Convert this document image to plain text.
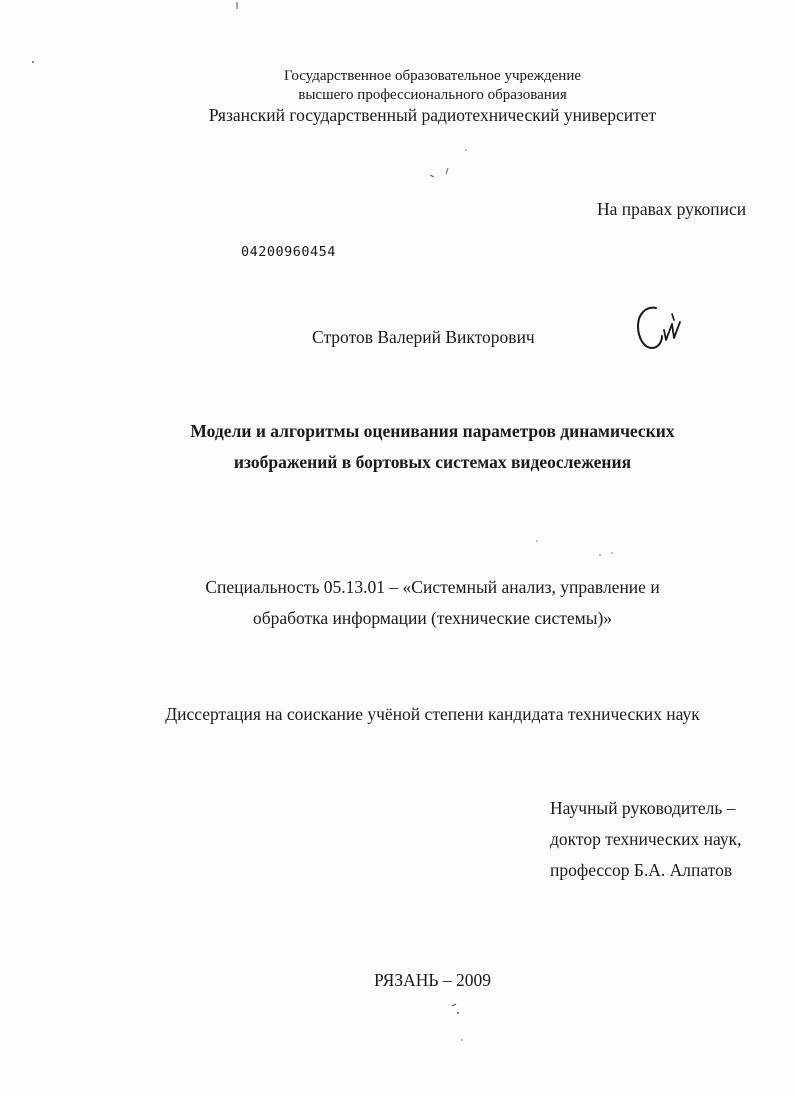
Государственное образовательное учреждение
высшего профессионального образования
Рязанский государственный радиотехнический университет
На правах рукописи
04200960454
Стротов Валерий Викторович
Модели и алгоритмы оценивания параметров динамических
изображений в бортовых системах видеослежения
Специальность 05.13.01 – «Системный анализ, управление и
обработка информации (технические системы)»
Диссертация на соискание учёной степени кандидата технических наук
Научный руководитель –
доктор технических наук,
профессор Б.А. Алпатов
РЯЗАНЬ – 2009
